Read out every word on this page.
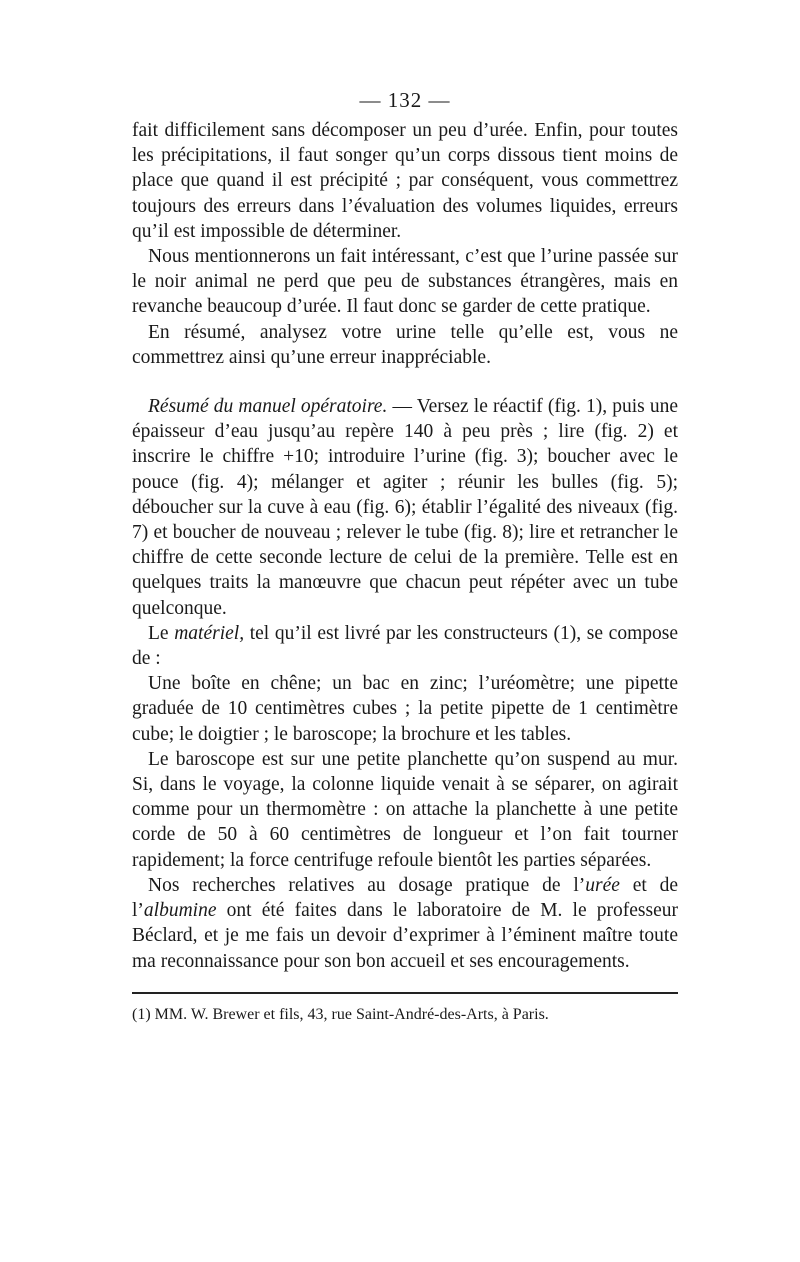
— 132 —

fait difficilement sans décomposer un peu d’urée. Enfin, pour toutes les précipitations, il faut songer qu’un corps dissous tient moins de place que quand il est précipité ; par conséquent, vous commettrez toujours des erreurs dans l’évaluation des volumes liquides, erreurs qu’il est impossible de déterminer.

Nous mentionnerons un fait intéressant, c’est que l’urine passée sur le noir animal ne perd que peu de substances étrangères, mais en revanche beaucoup d’urée. Il faut donc se garder de cette pratique.

En résumé, analysez votre urine telle qu’elle est, vous ne commettrez ainsi qu’une erreur inappréciable.

Résumé du manuel opératoire. — Versez le réactif (fig. 1), puis une épaisseur d’eau jusqu’au repère 140 à peu près ; lire (fig. 2) et inscrire le chiffre +10; introduire l’urine (fig. 3); boucher avec le pouce (fig. 4); mélanger et agiter ; réunir les bulles (fig. 5); déboucher sur la cuve à eau (fig. 6); établir l’égalité des niveaux (fig. 7) et boucher de nouveau ; relever le tube (fig. 8); lire et retrancher le chiffre de cette seconde lecture de celui de la première. Telle est en quelques traits la manœuvre que chacun peut répéter avec un tube quelconque.

Le matériel, tel qu’il est livré par les constructeurs (1), se compose de :

Une boîte en chêne; un bac en zinc; l’uréomètre; une pipette graduée de 10 centimètres cubes ; la petite pipette de 1 centimètre cube; le doigtier ; le baroscope; la brochure et les tables.

Le baroscope est sur une petite planchette qu’on suspend au mur. Si, dans le voyage, la colonne liquide venait à se séparer, on agirait comme pour un thermomètre : on attache la planchette à une petite corde de 50 à 60 centimètres de longueur et l’on fait tourner rapidement; la force centrifuge refoule bientôt les parties séparées.

Nos recherches relatives au dosage pratique de l’urée et de l’albumine ont été faites dans le laboratoire de M. le professeur Béclard, et je me fais un devoir d’exprimer à l’éminent maître toute ma reconnaissance pour son bon accueil et ses encouragements.

(1) MM. W. Brewer et fils, 43, rue Saint-André-des-Arts, à Paris.
